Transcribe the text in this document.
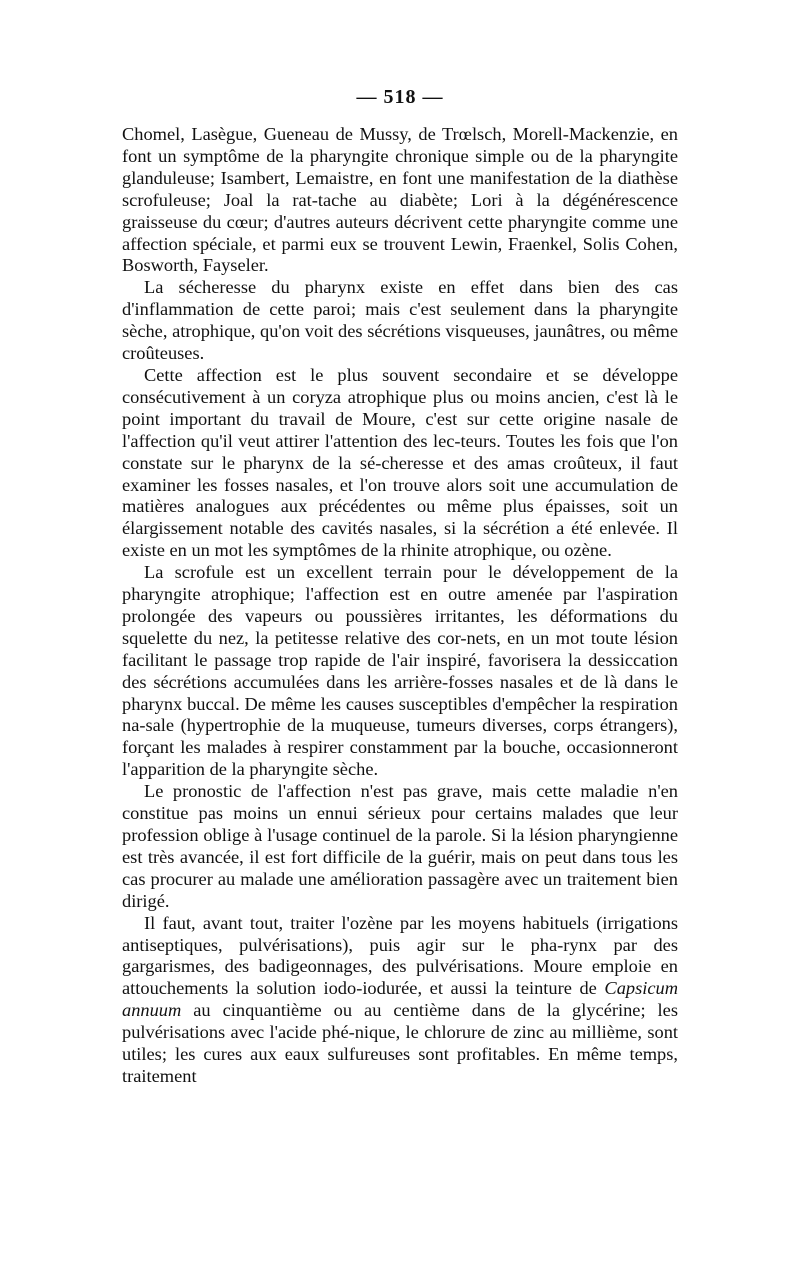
— 518 —

Chomel, Lasègue, Gueneau de Mussy, de Trœlsch, Morell-Mackenzie, en font un symptôme de la pharyngite chronique simple ou de la pharyngite glanduleuse; Isambert, Lemaistre, en font une manifestation de la diathèse scrofuleuse; Joal la rat-tache au diabète; Lori à la dégénérescence graisseuse du cœur; d'autres auteurs décrivent cette pharyngite comme une affection spéciale, et parmi eux se trouvent Lewin, Fraenkel, Solis Cohen, Bosworth, Fayseler.

La sécheresse du pharynx existe en effet dans bien des cas d'inflammation de cette paroi; mais c'est seulement dans la pharyngite sèche, atrophique, qu'on voit des sécrétions visqueuses, jaunâtres, ou même croûteuses.

Cette affection est le plus souvent secondaire et se développe consécutivement à un coryza atrophique plus ou moins ancien, c'est là le point important du travail de Moure, c'est sur cette origine nasale de l'affection qu'il veut attirer l'attention des lec-teurs. Toutes les fois que l'on constate sur le pharynx de la sé-cheresse et des amas croûteux, il faut examiner les fosses nasales, et l'on trouve alors soit une accumulation de matières analogues aux précédentes ou même plus épaisses, soit un élargissement notable des cavités nasales, si la sécrétion a été enlevée. Il existe en un mot les symptômes de la rhinite atrophique, ou ozène.

La scrofule est un excellent terrain pour le développement de la pharyngite atrophique; l'affection est en outre amenée par l'aspiration prolongée des vapeurs ou poussières irritantes, les déformations du squelette du nez, la petitesse relative des cor-nets, en un mot toute lésion facilitant le passage trop rapide de l'air inspiré, favorisera la dessiccation des sécrétions accumulées dans les arrière-fosses nasales et de là dans le pharynx buccal. De même les causes susceptibles d'empêcher la respiration na-sale (hypertrophie de la muqueuse, tumeurs diverses, corps étrangers), forçant les malades à respirer constamment par la bouche, occasionneront l'apparition de la pharyngite sèche.

Le pronostic de l'affection n'est pas grave, mais cette maladie n'en constitue pas moins un ennui sérieux pour certains malades que leur profession oblige à l'usage continuel de la parole. Si la lésion pharyngienne est très avancée, il est fort difficile de la guérir, mais on peut dans tous les cas procurer au malade une amélioration passagère avec un traitement bien dirigé.

Il faut, avant tout, traiter l'ozène par les moyens habituels (irrigations antiseptiques, pulvérisations), puis agir sur le pha-rynx par des gargarismes, des badigeonnages, des pulvérisations. Moure emploie en attouchements la solution iodo-iodurée, et aussi la teinture de Capsicum annuum au cinquantième ou au centième dans de la glycérine; les pulvérisations avec l'acide phé-nique, le chlorure de zinc au millième, sont utiles; les cures aux eaux sulfureuses sont profitables. En même temps, traitement
